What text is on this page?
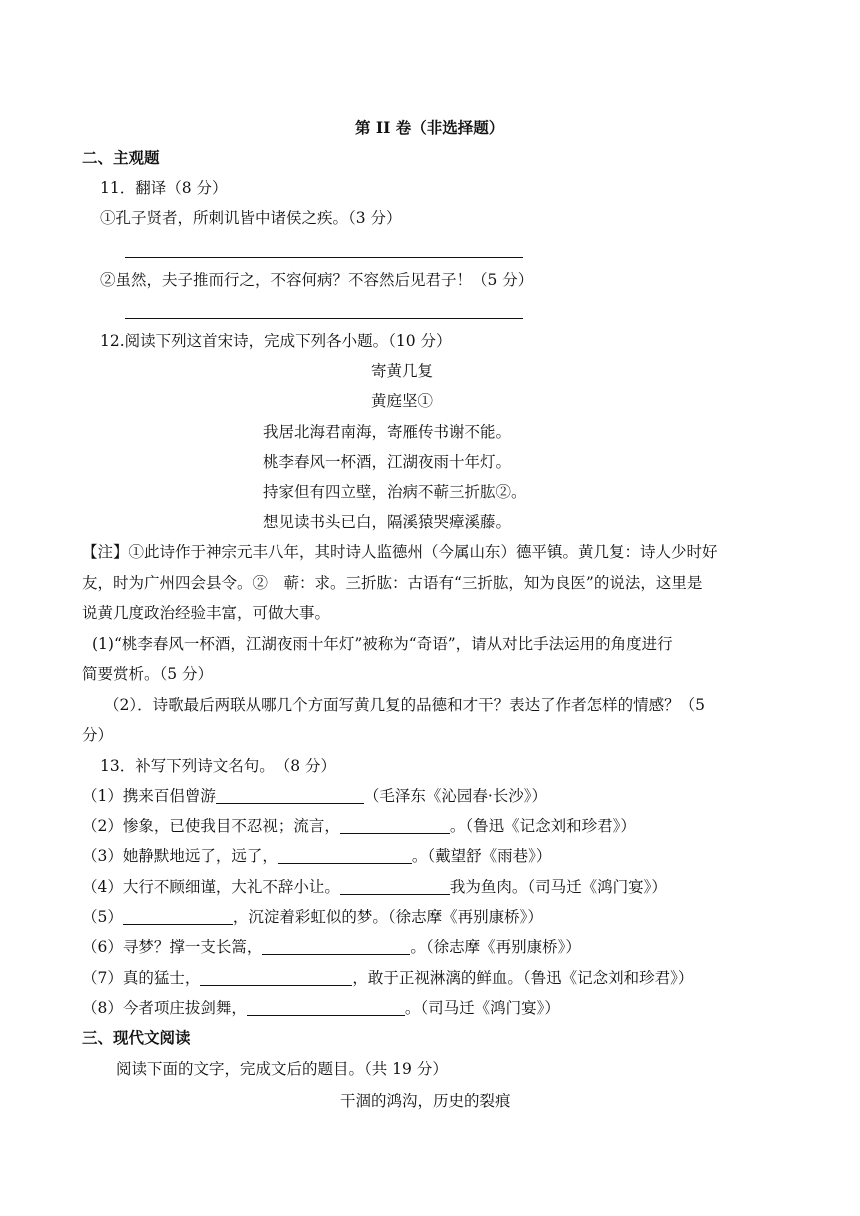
第 II 卷（非选择题）
二、主观题
11．翻译（8 分）
①孔子贤者，所刺讥皆中诸侯之疾。（3 分）
②虽然，夫子推而行之，不容何病？不容然后见君子！（5 分）
12.阅读下列这首宋诗，完成下列各小题。（10 分）
寄黄几复
黄庭坚①
我居北海君南海，寄雁传书谢不能。
桃李春风一杯酒，江湖夜雨十年灯。
持家但有四立壁，治病不蕲三折肱②。
想见读书头已白，隔溪猿哭瘴溪藤。
【注】①此诗作于神宗元丰八年，其时诗人监德州（今属山东）德平镇。黄几复：诗人少时好
友，时为广州四会县令。②　蕲：求。三折肱：古语有“三折肱，知为良医”的说法，这里是
说黄几度政治经验丰富，可做大事。
(1)“桃李春风一杯酒，江湖夜雨十年灯”被称为“奇语”，请从对比手法运用的角度进行
简要赏析。（5 分）
（2）．诗歌最后两联从哪几个方面写黄几复的品德和才干？表达了作者怎样的情感？（5
分）
13．补写下列诗文名句。　（8 分）
（1）携来百侣曾游	（毛泽东《沁园春·长沙》）
（2）惨象，已使我目不忍视；流言，	。（鲁迅《记念刘和珍君》）
（3）她静默地远了，远了，	。（戴望舒《雨巷》）
（4）大行不顾细谨，大礼不辞小让。	我为鱼肉。（司马迁《鸿门宴》）
（5）	，沉淀着彩虹似的梦。（徐志摩《再别康桥》）
（6）寻梦？撑一支长篙，	。（徐志摩《再别康桥》）
（7）真的猛士，	，敢于正视淋漓的鲜血。（鲁迅《记念刘和珍君》）
（8）今者项庄拔剑舞，	。（司马迁《鸿门宴》）
三、现代文阅读
阅读下面的文字，完成文后的题目。（共 19 分）
干涸的鸿沟，历史的裂痕
